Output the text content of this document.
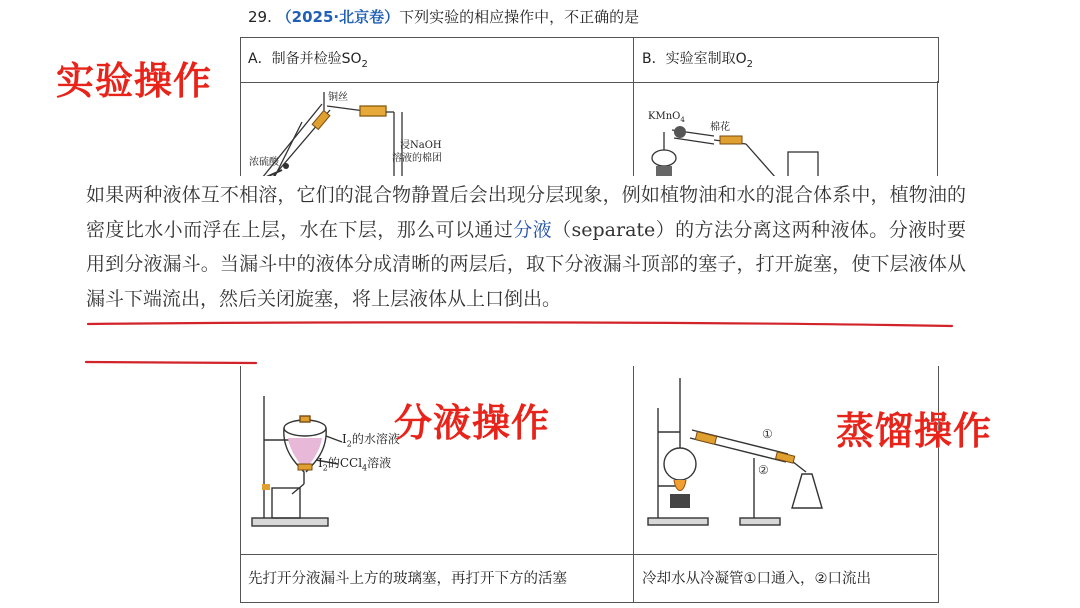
29. （2025·北京卷）下列实验的相应操作中，不正确的是
A．制备并检验$SO_2$	B．实验室制取$O_2$
铜丝
浓硫酸
浸NaOH
溶液的棉团
KMnO$_4$
棉花
实验操作
如果两种液体互不相溶，它们的混合物静置后会出现分层现象，例如植物油和水的混合体系中，植物油的密度比水小而浮在上层，水在下层，那么可以通过分液（separate）的方法分离这两种液体。分液时要用到分液漏斗。当漏斗中的液体分成清晰的两层后，取下分液漏斗顶部的塞子，打开旋塞，使下层液体从漏斗下端流出，然后关闭旋塞，将上层液体从上口倒出。
$I_2$的水溶液
$I_2$的CCl$_4$溶液
①
②
分液操作	蒸馏操作
先打开分液漏斗上方的玻璃塞，再打开下方的活塞	冷却水从冷凝管①口通入，②口流出
